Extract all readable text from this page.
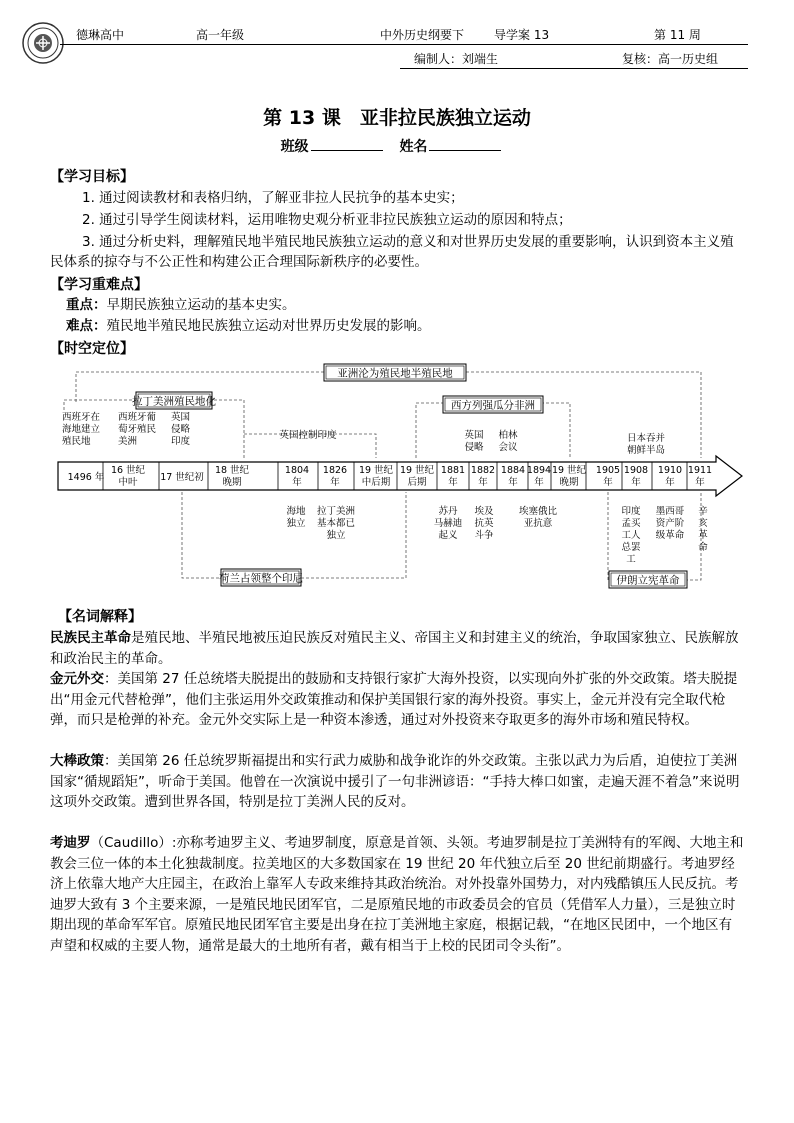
德琳高中	高一年级	中外历史纲要下 导学案 13	第 11 周
编制人：刘端生	复核：高一历史组
第 13 课　亚非拉民族独立运动
班级	姓名
【学习目标】
1. 通过阅读教材和表格归纳，了解亚非拉人民抗争的基本史实；
2. 通过引导学生阅读材料，运用唯物史观分析亚非拉民族独立运动的原因和特点；
3. 通过分析史料，理解殖民地半殖民地民族独立运动的意义和对世界历史发展的重要影响，认识到资本主义殖民体系的掠夺与不公正性和构建公正合理国际新秩序的必要性。
【学习重难点】
重点：早期民族独立运动的基本史实。
难点：殖民地半殖民地民族独立运动对世界历史发展的影响。
【时空定位】
1496 年
16 世纪
中叶 17 世纪初
18 世纪
晚期
1804
年
1826
年
19 世纪
中后期
19 世纪
后期
1881
年
1882
年
1884
年
1894
年
19 世纪
晚期
1905
年
1908
年
1910
年
1911
年
亚洲沦为殖民地半殖民地
拉丁美洲殖民地化	西方列强瓜分非洲
英国控制印度
荷兰占领整个印尼	伊朗立宪革命
西班牙在
海地建立
殖民地
西班牙葡
萄牙殖民
美洲
英国
侵略
印度
英国
侵略
柏林
会议
日本吞并
朝鲜半岛
海地
独立
拉丁美洲
基本都已
独立
苏丹
马赫迪
起义
埃及
抗英
斗争
埃塞俄比
亚抗意
印度
孟买
工人
总罢
工
墨西哥
资产阶
级革命
辛
亥
革
命
【名词解释】
民族民主革命是殖民地、半殖民地被压迫民族反对殖民主义、帝国主义和封建主义的统治，争取国家独立、民族解放和政治民主的革命。
金元外交：美国第 27 任总统塔夫脱提出的鼓励和支持银行家扩大海外投资，以实现向外扩张的外交政策。塔夫脱提出“用金元代替枪弹”，他们主张运用外交政策推动和保护美国银行家的海外投资。事实上，金元并没有完全取代枪弹，而只是枪弹的补充。金元外交实际上是一种资本渗透，通过对外投资来夺取更多的海外市场和殖民特权。
大棒政策：美国第 26 任总统罗斯福提出和实行武力威胁和战争讹诈的外交政策。主张以武力为后盾，迫使拉丁美洲国家“循规蹈矩”，听命于美国。他曾在一次演说中援引了一句非洲谚语：“手持大棒口如蜜，走遍天涯不着急”来说明这项外交政策。遭到世界各国，特别是拉丁美洲人民的反对。
考迪罗（Caudillo）:亦称考迪罗主义、考迪罗制度，原意是首领、头领。考迪罗制是拉丁美洲特有的军阀、大地主和教会三位一体的本土化独裁制度。拉美地区的大多数国家在 19 世纪 20 年代独立后至 20 世纪前期盛行。考迪罗经济上依靠大地产大庄园主，在政治上靠军人专政来维持其政治统治。对外投靠外国势力，对内残酷镇压人民反抗。考迪罗大致有 3 个主要来源，一是殖民地民团军官，二是原殖民地的市政委员会的官员（凭借军人力量），三是独立时期出现的革命军军官。原殖民地民团军官主要是出身在拉丁美洲地主家庭，根据记载，“在地区民团中，一个地区有声望和权威的主要人物，通常是最大的土地所有者，戴有相当于上校的民团司令头衔”。
